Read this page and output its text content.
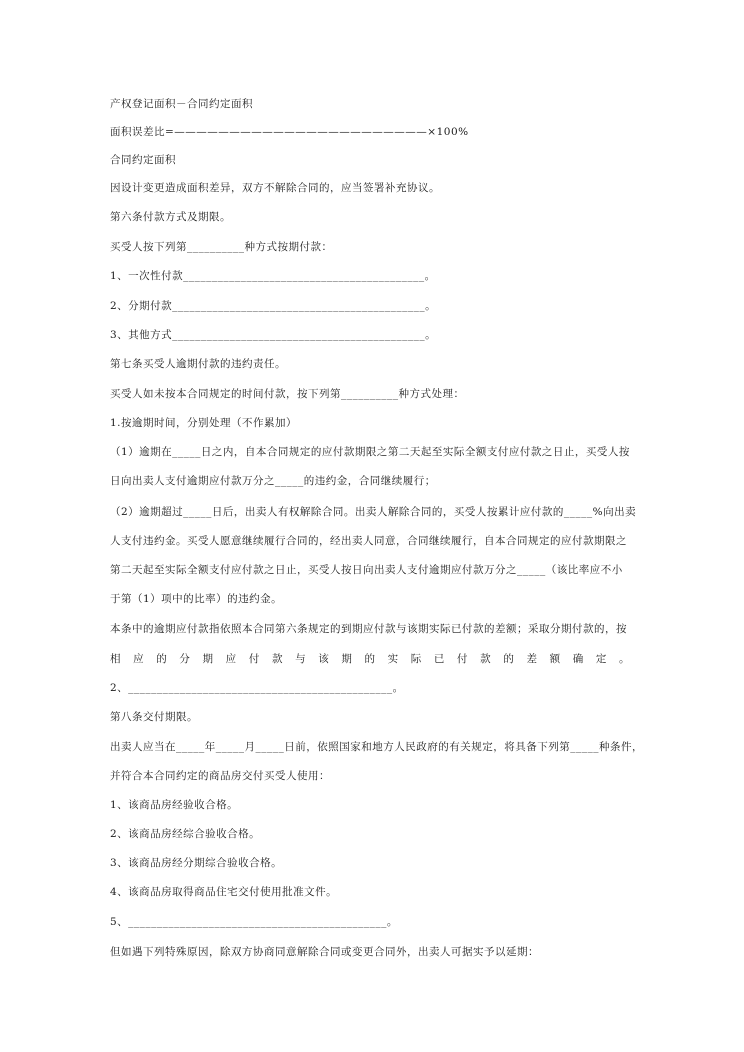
产权登记面积－合同约定面积
面积误差比=———————————————————————×100%
合同约定面积
因设计变更造成面积差异，双方不解除合同的，应当签署补充协议。
第六条付款方式及期限。
买受人按下列第__________种方式按期付款：
1、一次性付款__________________________________________。
2、分期付款____________________________________________。
3、其他方式____________________________________________。
第七条买受人逾期付款的违约责任。
买受人如未按本合同规定的时间付款，按下列第__________种方式处理：
1.按逾期时间，分别处理（不作累加）
（1）逾期在_____日之内，自本合同规定的应付款期限之第二天起至实际全额支付应付款之日止，买受人按
日向出卖人支付逾期应付款万分之_____的违约金，合同继续履行；
（2）逾期超过_____日后，出卖人有权解除合同。出卖人解除合同的，买受人按累计应付款的_____%向出卖
人支付违约金。买受人愿意继续履行合同的，经出卖人同意，合同继续履行，自本合同规定的应付款期限之
第二天起至实际全额支付应付款之日止，买受人按日向出卖人支付逾期应付款万分之_____（该比率应不小
于第（1）项中的比率）的违约金。
本条中的逾期应付款指依照本合同第六条规定的到期应付款与该期实际已付款的差额；采取分期付款的，按
相应的分期应付款与该期的实际已付款的差额确定。
2、______________________________________________。
第八条交付期限。
出卖人应当在_____年_____月_____日前，依照国家和地方人民政府的有关规定，将具备下列第_____种条件，
并符合本合同约定的商品房交付买受人使用：
1、该商品房经验收合格。
2、该商品房经综合验收合格。
3、该商品房经分期综合验收合格。
4、该商品房取得商品住宅交付使用批准文件。
5、_____________________________________________。
但如遇下列特殊原因，除双方协商同意解除合同或变更合同外，出卖人可据实予以延期：
